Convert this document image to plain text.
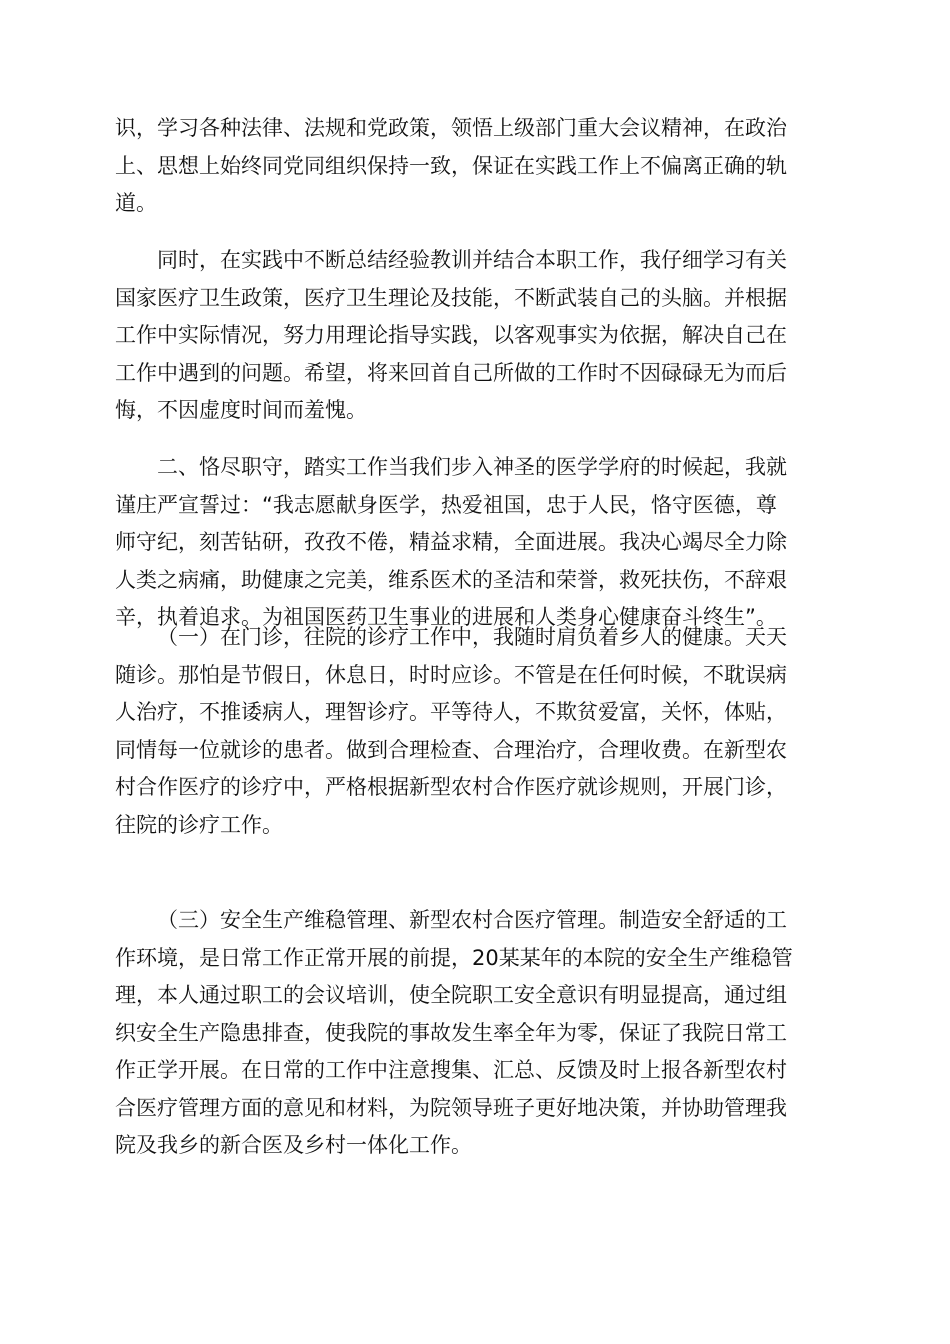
识，学习各种法律、法规和党政策，领悟上级部门重大会议精神，在政治
上、思想上始终同党同组织保持一致，保证在实践工作上不偏离正确的轨
道。
同时，在实践中不断总结经验教训并结合本职工作，我仔细学习有关
国家医疗卫生政策，医疗卫生理论及技能，不断武装自己的头脑。并根据
工作中实际情况，努力用理论指导实践，以客观事实为依据，解决自己在
工作中遇到的问题。希望，将来回首自己所做的工作时不因碌碌无为而后
悔，不因虚度时间而羞愧。
二、恪尽职守，踏实工作当我们步入神圣的医学学府的时候起，我就
谨庄严宣誓过：“我志愿献身医学，热爱祖国，忠于人民，恪守医德，尊
师守纪，刻苦钻研，孜孜不倦，精益求精，全面进展。我决心竭尽全力除
人类之病痛，助健康之完美，维系医术的圣洁和荣誉，救死扶伤，不辞艰
辛，执着追求。为祖国医药卫生事业的进展和人类身心健康奋斗终生”。
（一）在门诊，往院的诊疗工作中，我随时肩负着乡人的健康。天天
随诊。那怕是节假日，休息日，时时应诊。不管是在任何时候，不耽误病
人治疗，不推诿病人，理智诊疗。平等待人，不欺贫爱富，关怀，体贴，
同情每一位就诊的患者。做到合理检查、合理治疗，合理收费。在新型农
村合作医疗的诊疗中，严格根据新型农村合作医疗就诊规则，开展门诊，
往院的诊疗工作。
（三）安全生产维稳管理、新型农村合医疗管理。制造安全舒适的工
作环境，是日常工作正常开展的前提，20某某年的本院的安全生产维稳管
理，本人通过职工的会议培训，使全院职工安全意识有明显提高，通过组
织安全生产隐患排查，使我院的事故发生率全年为零，保证了我院日常工
作正学开展。在日常的工作中注意搜集、汇总、反馈及时上报各新型农村
合医疗管理方面的意见和材料，为院领导班子更好地决策，并协助管理我
院及我乡的新合医及乡村一体化工作。
